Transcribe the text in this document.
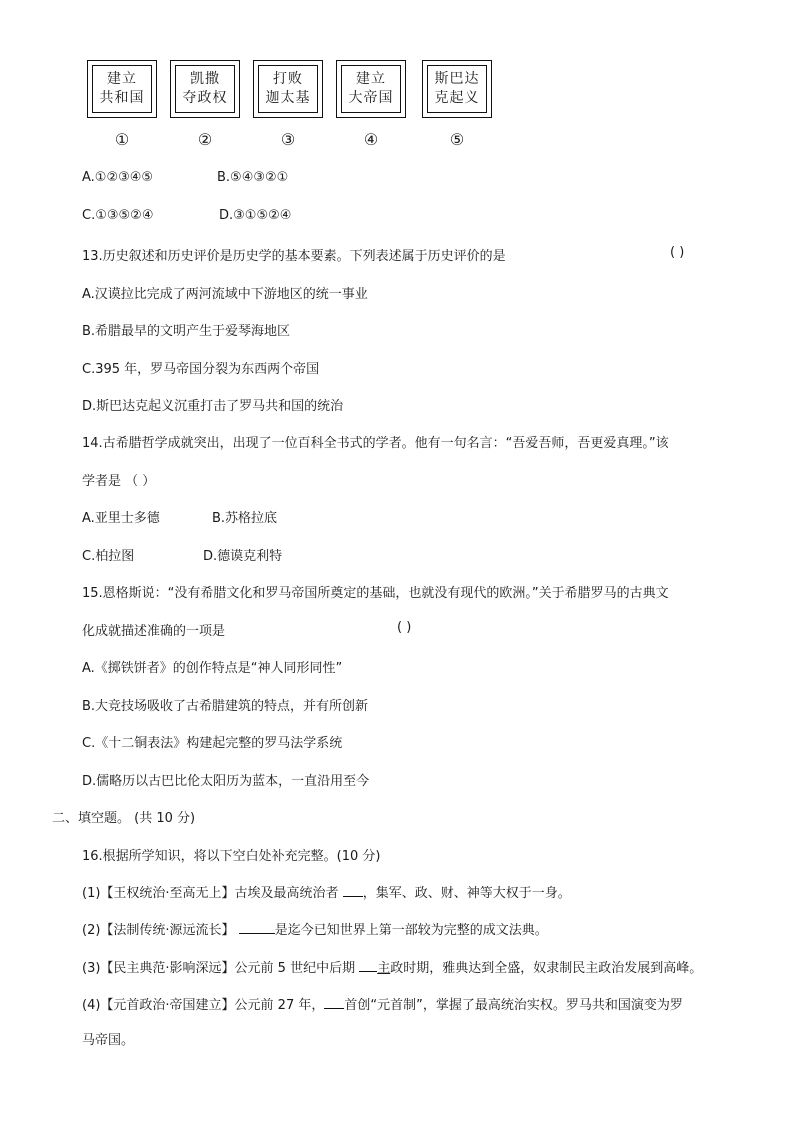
建立
共和国
凯撒
夺政权
打败
迦太基
建立
大帝国
斯巴达
克起义
①	②	③	④	⑤
A.①②③④⑤	B.⑤④③②①
C.①③⑤②④	D.③①⑤②④
13.历史叙述和历史评价是历史学的基本要素。下列表述属于历史评价的是	( )
A.汉谟拉比完成了两河流域中下游地区的统一事业
B.希腊最早的文明产生于爱琴海地区
C.395 年，罗马帝国分裂为东西两个帝国
D.斯巴达克起义沉重打击了罗马共和国的统治
14.古希腊哲学成就突出，出现了一位百科全书式的学者。他有一句名言：“吾爱吾师，吾更爱真理。”该
学者是 （ ）
A.亚里士多德	B.苏格拉底
C.柏拉图	D.德谟克利特
15.恩格斯说：“没有希腊文化和罗马帝国所奠定的基础，也就没有现代的欧洲。”关于希腊罗马的古典文
化成就描述准确的一项是	( )
A.《掷铁饼者》的创作特点是“神人同形同性”
B.大竞技场吸收了古希腊建筑的特点，并有所创新
C.《十二铜表法》构建起完整的罗马法学系统
D.儒略历以古巴比伦太阳历为蓝本，一直沿用至今
二、填空题。 (共 10 分)
16.根据所学知识，将以下空白处补充完整。(10 分)
(1)【王权统治·至高无上】古埃及最高统治者 ，集军、政、财、神等大权于一身。
(2)【法制传统·源远流长】	是迄今已知世界上第一部较为完整的成文法典。
(3)【民主典范·影响深远】公元前 5 世纪中后期 主政时期，雅典达到全盛，奴隶制民主政治发展到高峰。
(4)【元首政治·帝国建立】公元前 27 年， 首创“元首制”，掌握了最高统治实权。罗马共和国演变为罗
马帝国。
